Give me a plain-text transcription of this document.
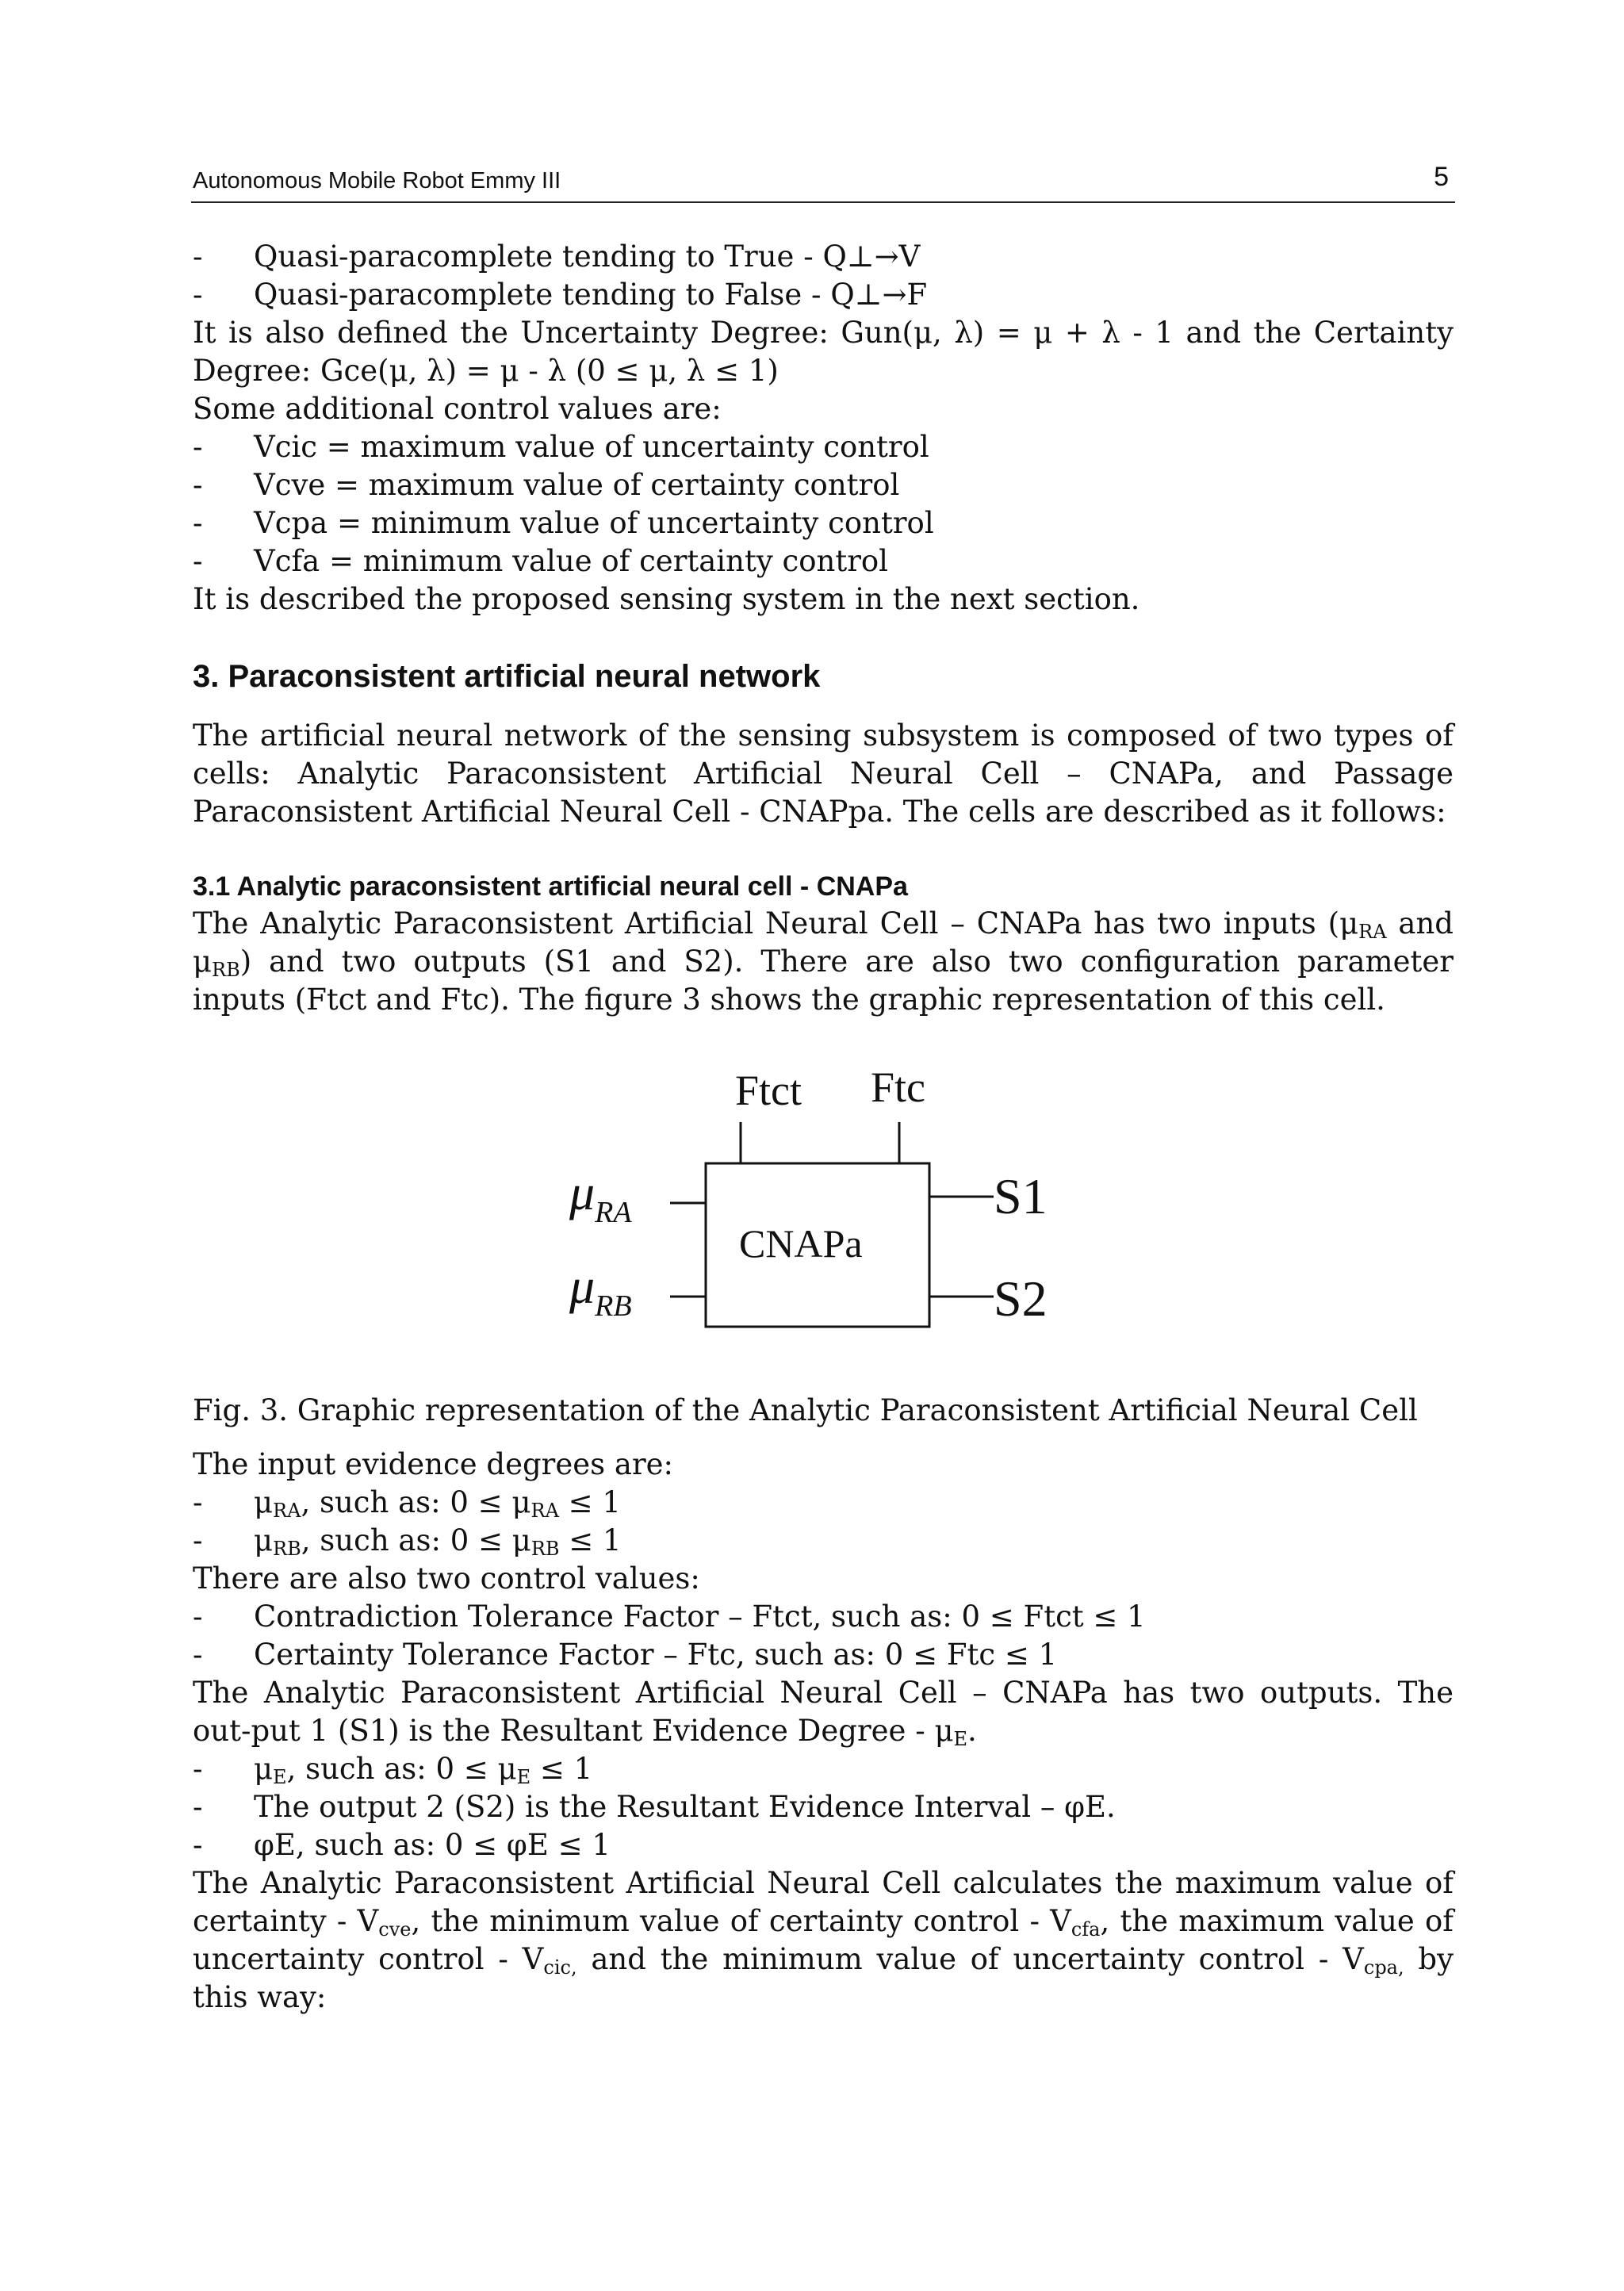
Autonomous Mobile Robot Emmy III	5
-	Quasi-paracomplete tending to True - Q⊥→V
-	Quasi-paracomplete tending to False - Q⊥→F

It is also defined the Uncertainty Degree: Gun(μ, λ) = μ + λ - 1 and the Certainty Degree: Gce(μ, λ) = μ - λ (0 ≤ μ, λ ≤ 1)

Some additional control values are:

-	Vcic = maximum value of uncertainty control
-	Vcve = maximum value of certainty control
-	Vcpa = minimum value of uncertainty control
-	Vcfa = minimum value of certainty control

It is described the proposed sensing system in the next section.

3. Paraconsistent artificial neural network

The artificial neural network of the sensing subsystem is composed of two types of cells: Analytic Paraconsistent Artificial Neural Cell – CNAPa, and Passage Paraconsistent Artificial Neural Cell - CNAPpa. The cells are described as it follows:

3.1 Analytic paraconsistent artificial neural cell - CNAPa

The Analytic Paraconsistent Artificial Neural Cell – CNAPa has two inputs ($\mu_{RA}$ and $\mu_{RB}$) and two outputs (S1 and S2). There are also two configuration parameter inputs (Ftct and Ftc). The figure 3 shows the graphic representation of this cell.

Ftct Ftc
CNAPa
$\mu_{RA}$
$\mu_{RB}$
S1
S2

Fig. 3. Graphic representation of the Analytic Paraconsistent Artificial Neural Cell

The input evidence degrees are:

-	$\mu_{RA}$, such as: $0 \le \mu_{RA} \le 1$
-	$\mu_{RB}$, such as: $0 \le \mu_{RB} \le 1$

There are also two control values:

-	Contradiction Tolerance Factor – Ftct, such as: 0 ≤ Ftct ≤ 1
-	Certainty Tolerance Factor – Ftc, such as: 0 ≤ Ftc ≤ 1

The Analytic Paraconsistent Artificial Neural Cell – CNAPa has two outputs. The out-put 1 (S1) is the Resultant Evidence Degree - $\mu_E$.

-	$\mu_E$, such as: $0 \le \mu_E \le 1$
-	The output 2 (S2) is the Resultant Evidence Interval – φE.
-	φE, such as: 0 ≤ φE ≤ 1

The Analytic Paraconsistent Artificial Neural Cell calculates the maximum value of certainty - $V_{cve}$, the minimum value of certainty control - $V_{cfa}$, the maximum value of uncertainty control - $V_{cic,}$ and the minimum value of uncertainty control - $V_{cpa,}$ by this way:
